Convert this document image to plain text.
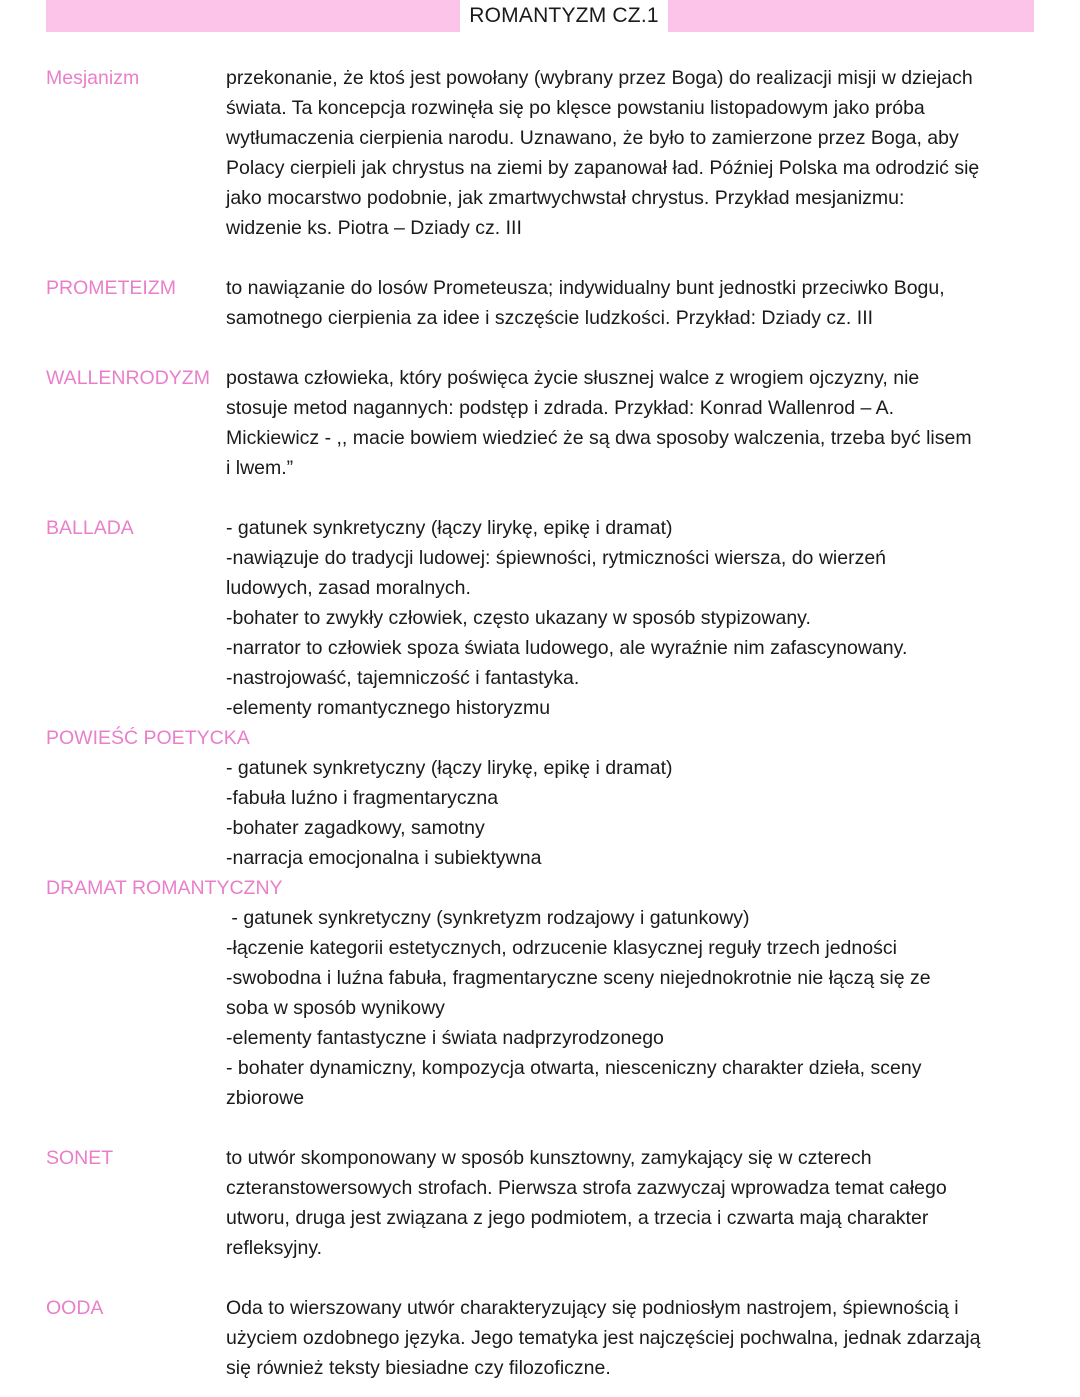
ROMANTYZM CZ.1
Mesjanizm	przekonanie, że ktoś jest powołany (wybrany przez Boga) do realizacji misji w dziejach
świata. Ta koncepcja rozwinęła się po klęsce powstaniu listopadowym jako próba
wytłumaczenia cierpienia narodu. Uznawano, że było to zamierzone przez Boga, aby
Polacy cierpieli jak chrystus na ziemi by zapanował ład. Później Polska ma odrodzić się
jako mocarstwo podobnie, jak zmartwychwstał chrystus. Przykład mesjanizmu:
widzenie ks. Piotra – Dziady cz. III
PROMETEIZM	to nawiązanie do losów Prometeusza; indywidualny bunt jednostki przeciwko Bogu,
samotnego cierpienia za idee i szczęście ludzkości. Przykład: Dziady cz. III
WALLENRODYZM postawa człowieka, który poświęca życie słusznej walce z wrogiem ojczyzny, nie
stosuje metod nagannych: podstęp i zdrada. Przykład: Konrad Wallenrod – A.
Mickiewicz - ,, macie bowiem wiedzieć że są dwa sposoby walczenia, trzeba być lisem
i lwem.”
BALLADA	- gatunek synkretyczny (łączy lirykę, epikę i dramat)
-nawiązuje do tradycji ludowej: śpiewności, rytmiczności wiersza, do wierzeń
ludowych, zasad moralnych.
-bohater to zwykły człowiek, często ukazany w sposób stypizowany.
-narrator to człowiek spoza świata ludowego, ale wyraźnie nim zafascynowany.
-nastrojowaść, tajemniczość i fantastyka.
-elementy romantycznego historyzmu
POWIEŚĆ POETYCKA
- gatunek synkretyczny (łączy lirykę, epikę i dramat)
-fabuła luźno i fragmentaryczna
-bohater zagadkowy, samotny
-narracja emocjonalna i subiektywna
DRAMAT ROMANTYCZNY
- gatunek synkretyczny (synkretyzm rodzajowy i gatunkowy)
-łączenie kategorii estetycznych, odrzucenie klasycznej reguły trzech jedności
-swobodna i luźna fabuła, fragmentaryczne sceny niejednokrotnie nie łączą się ze
soba w sposób wynikowy
-elementy fantastyczne i świata nadprzyrodzonego
- bohater dynamiczny, kompozycja otwarta, niesceniczny charakter dzieła, sceny
zbiorowe
SONET	to utwór skomponowany w sposób kunsztowny, zamykający się w czterech
czteranstowersowych strofach. Pierwsza strofa zazwyczaj wprowadza temat całego
utworu, druga jest związana z jego podmiotem, a trzecia i czwarta mają charakter
refleksyjny.
OODA	Oda to wierszowany utwór charakteryzujący się podniosłym nastrojem, śpiewnością i
użyciem ozdobnego języka. Jego tematyka jest najczęściej pochwalna, jednak zdarzają
się również teksty biesiadne czy filozoficzne.
